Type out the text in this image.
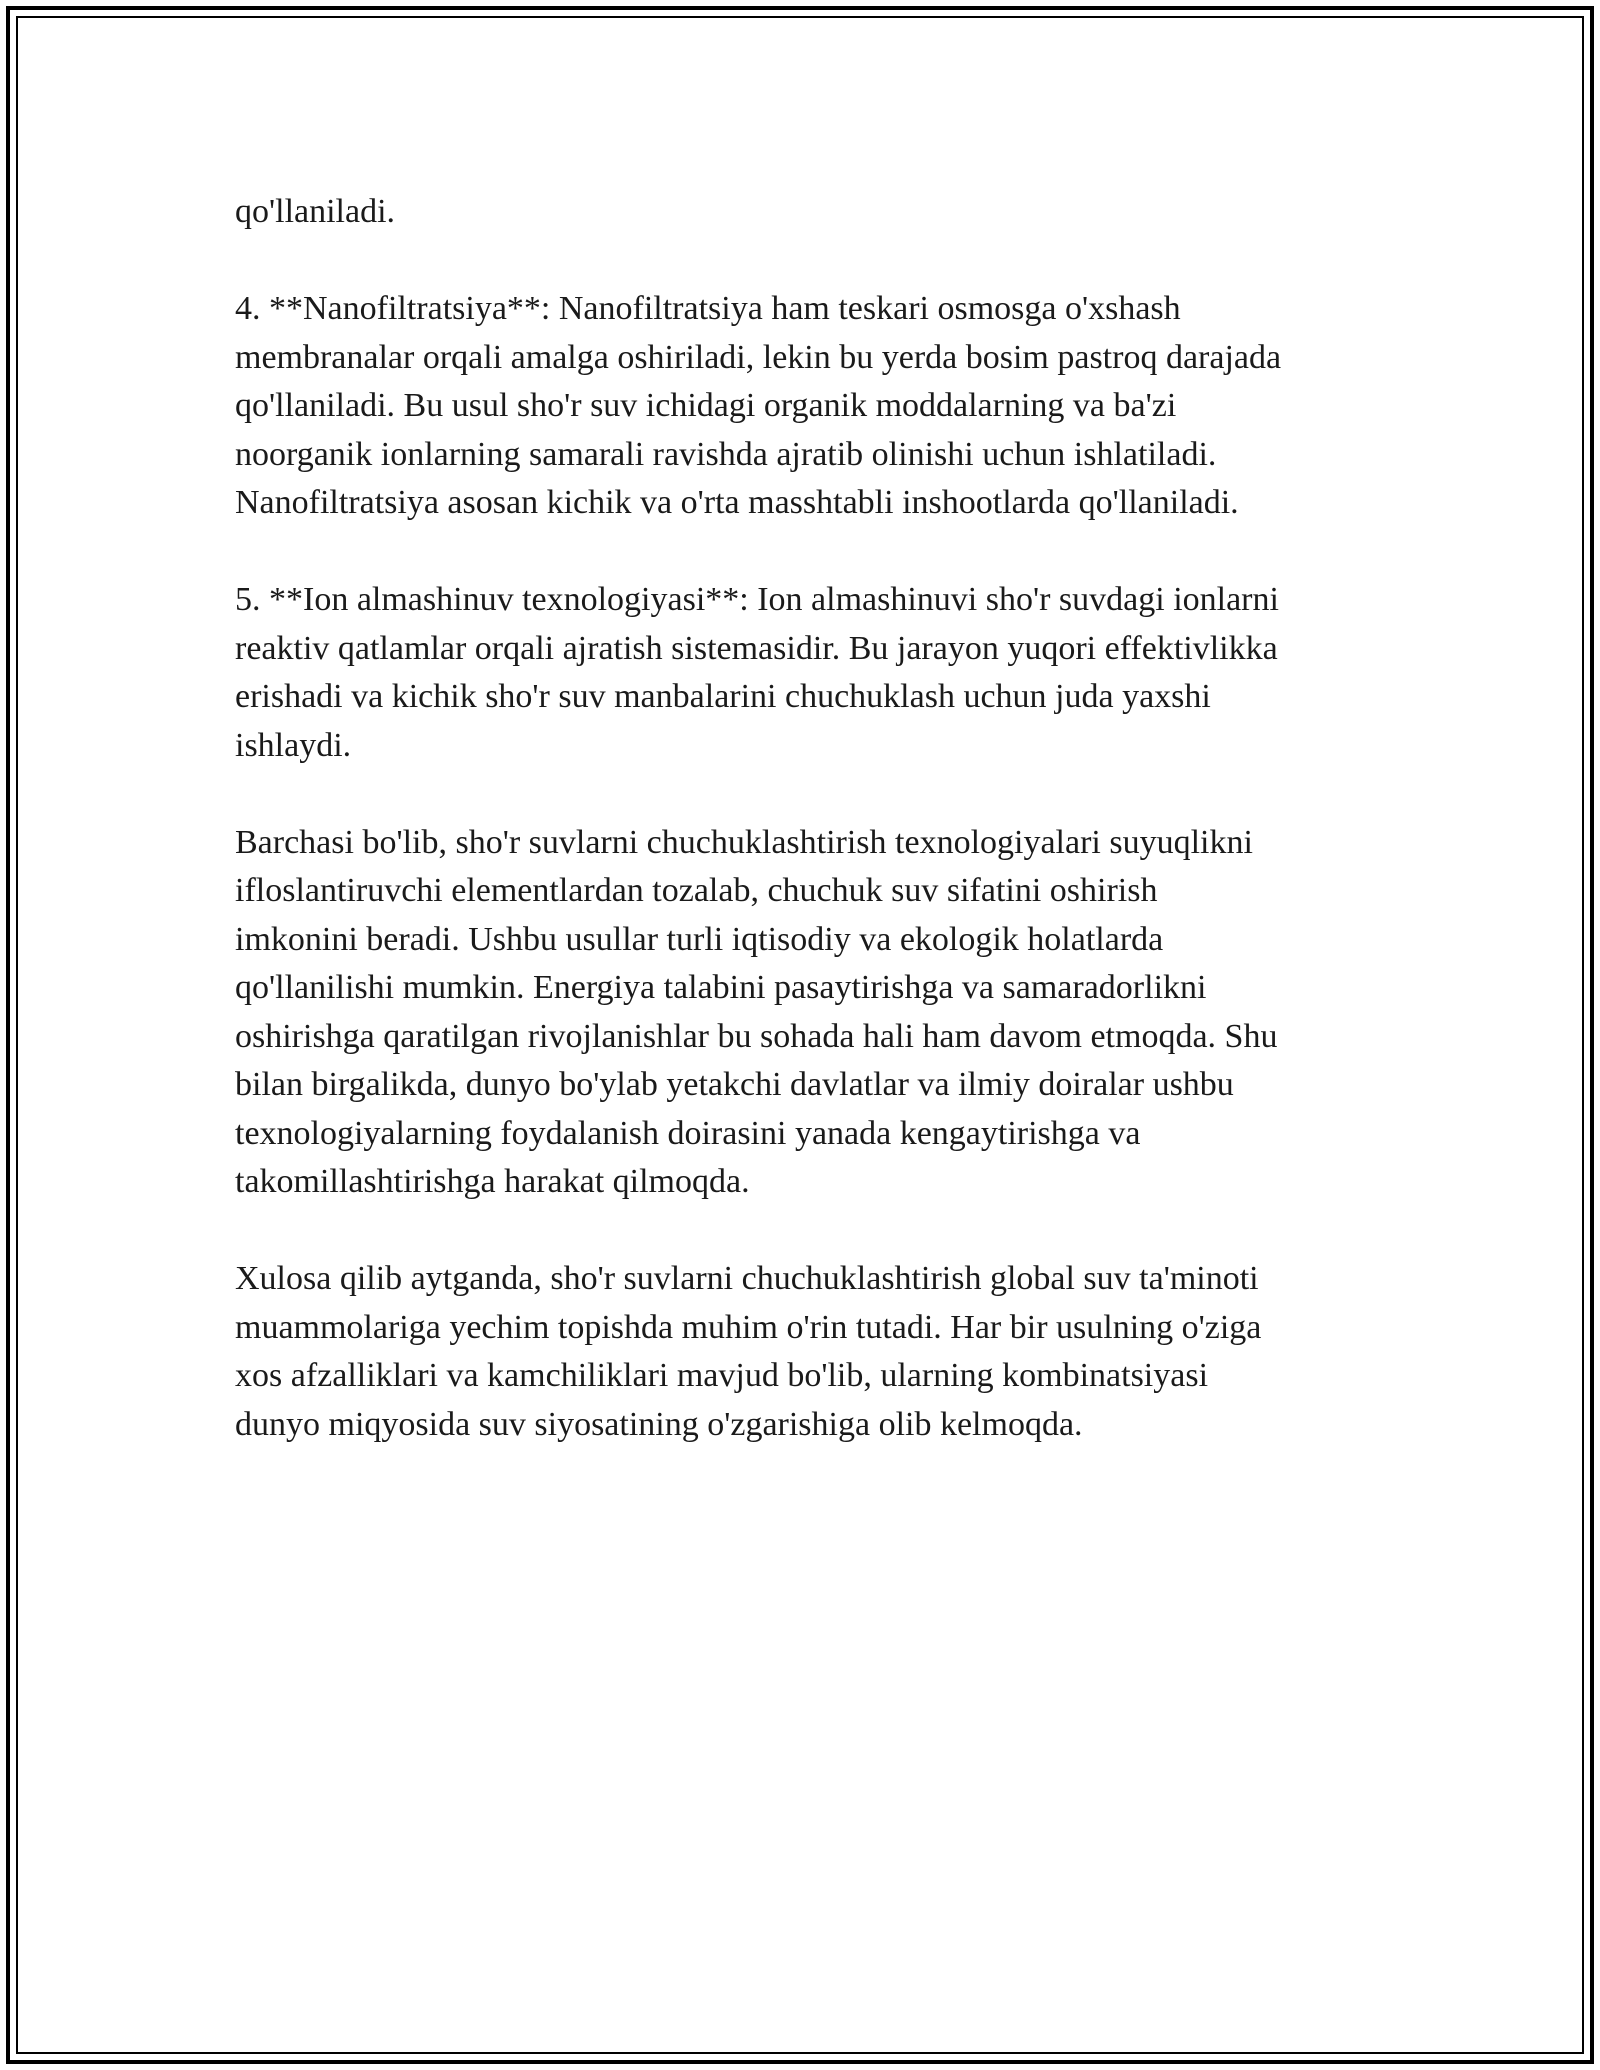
qo'llaniladi.

4. **Nanofiltratsiya**: Nanofiltratsiya ham teskari osmosga o'xshash
membranalar orqali amalga oshiriladi, lekin bu yerda bosim pastroq darajada
qo'llaniladi. Bu usul sho'r suv ichidagi organik moddalarning va ba'zi
noorganik ionlarning samarali ravishda ajratib olinishi uchun ishlatiladi.
Nanofiltratsiya asosan kichik va o'rta masshtabli inshootlarda qo'llaniladi.

5. **Ion almashinuv texnologiyasi**: Ion almashinuvi sho'r suvdagi ionlarni
reaktiv qatlamlar orqali ajratish sistemasidir. Bu jarayon yuqori effektivlikka
erishadi va kichik sho'r suv manbalarini chuchuklash uchun juda yaxshi
ishlaydi.

Barchasi bo'lib, sho'r suvlarni chuchuklashtirish texnologiyalari suyuqlikni
ifloslantiruvchi elementlardan tozalab, chuchuk suv sifatini oshirish
imkonini beradi. Ushbu usullar turli iqtisodiy va ekologik holatlarda
qo'llanilishi mumkin. Energiya talabini pasaytirishga va samaradorlikni
oshirishga qaratilgan rivojlanishlar bu sohada hali ham davom etmoqda. Shu
bilan birgalikda, dunyo bo'ylab yetakchi davlatlar va ilmiy doiralar ushbu
texnologiyalarning foydalanish doirasini yanada kengaytirishga va
takomillashtirishga harakat qilmoqda.

Xulosa qilib aytganda, sho'r suvlarni chuchuklashtirish global suv ta'minoti
muammolariga yechim topishda muhim o'rin tutadi. Har bir usulning o'ziga
xos afzalliklari va kamchiliklari mavjud bo'lib, ularning kombinatsiyasi
dunyo miqyosida suv siyosatining o'zgarishiga olib kelmoqda.
